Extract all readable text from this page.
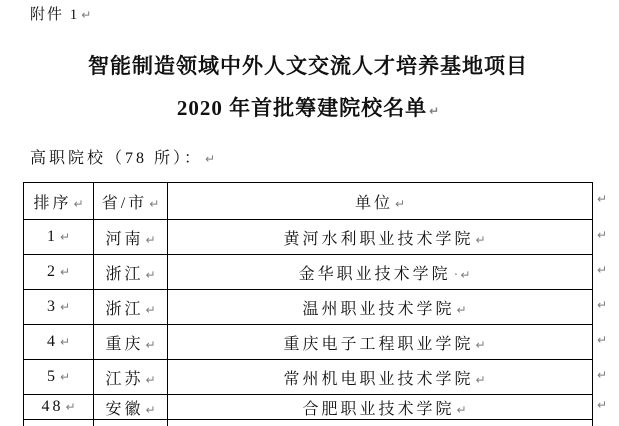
附件 1 ↵
智能制造领域中外人文交流人才培养基地项目
2020 年首批筹建院校名单 ↵
高职院校（78 所）： ↵
排序 ↵	省/市 ↵	单位 ↵
1 ↵	河南 ↵	黄河水利职业技术学院 ↵
2 ↵	浙江 ↵	金华职业技术学院 · ↵
3 ↵	浙江 ↵	温州职业技术学院 ↵
4 ↵	重庆 ↵	重庆电子工程职业学院 ↵
5 ↵	江苏 ↵	常州机电职业技术学院 ↵
48 ↵	安徽 ↵	合肥职业技术学院 ↵

↵
↵
↵
↵
↵
↵
↵
